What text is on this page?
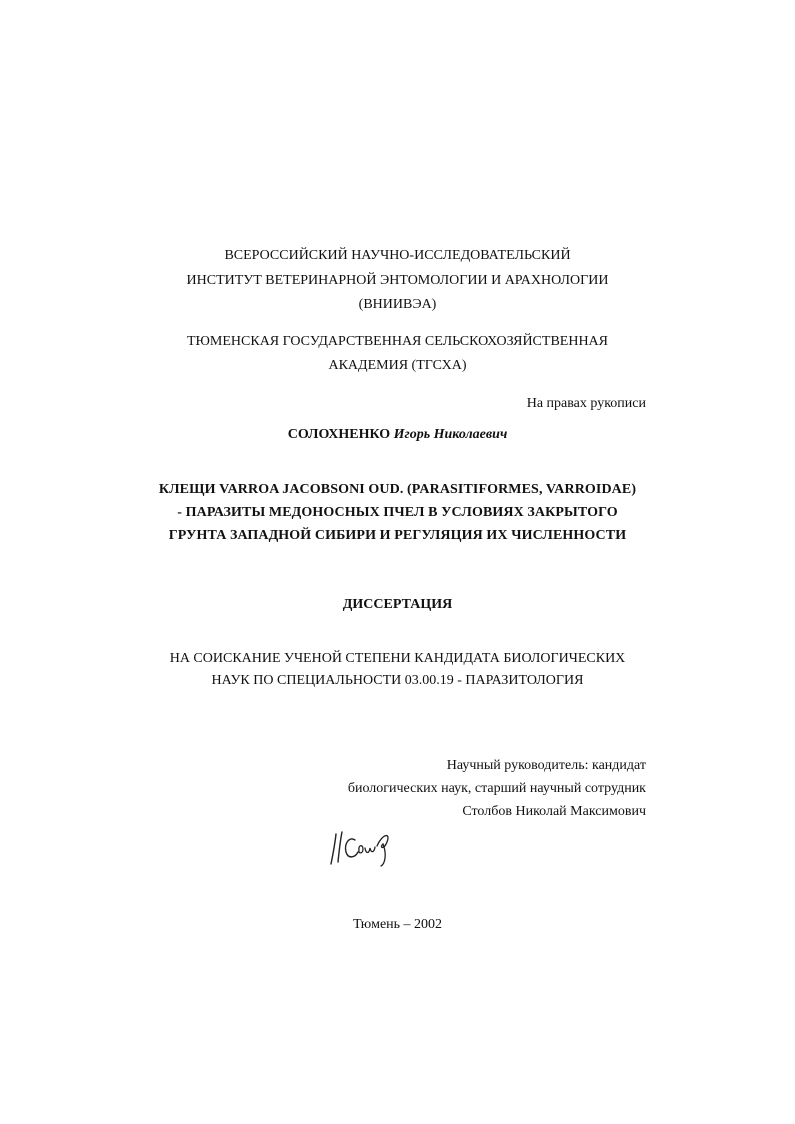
ВСЕРОССИЙСКИЙ НАУЧНО-ИССЛЕДОВАТЕЛЬСКИЙ
ИНСТИТУТ ВЕТЕРИНАРНОЙ ЭНТОМОЛОГИИ И АРАХНОЛОГИИ
(ВНИИВЭА)
ТЮМЕНСКАЯ ГОСУДАРСТВЕННАЯ СЕЛЬСКОХОЗЯЙСТВЕННАЯ
АКАДЕМИЯ (ТГСХА)
На правах рукописи
СОЛОХНЕНКО Игорь Николаевич
КЛЕЩИ VARROA JACOBSONI OUD. (PARASITIFORMES, VARROIDAE)
- ПАРАЗИТЫ МЕДОНОСНЫХ ПЧЕЛ В УСЛОВИЯХ ЗАКРЫТОГО
ГРУНТА ЗАПАДНОЙ СИБИРИ И РЕГУЛЯЦИЯ ИХ ЧИСЛЕННОСТИ
ДИССЕРТАЦИЯ
НА СОИСКАНИЕ УЧЕНОЙ СТЕПЕНИ КАНДИДАТА БИОЛОГИЧЕСКИХ
НАУК ПО СПЕЦИАЛЬНОСТИ 03.00.19 - ПАРАЗИТОЛОГИЯ
Научный руководитель: кандидат
биологических наук, старший научный сотрудник
Столбов Николай Максимович
Тюмень – 2002
